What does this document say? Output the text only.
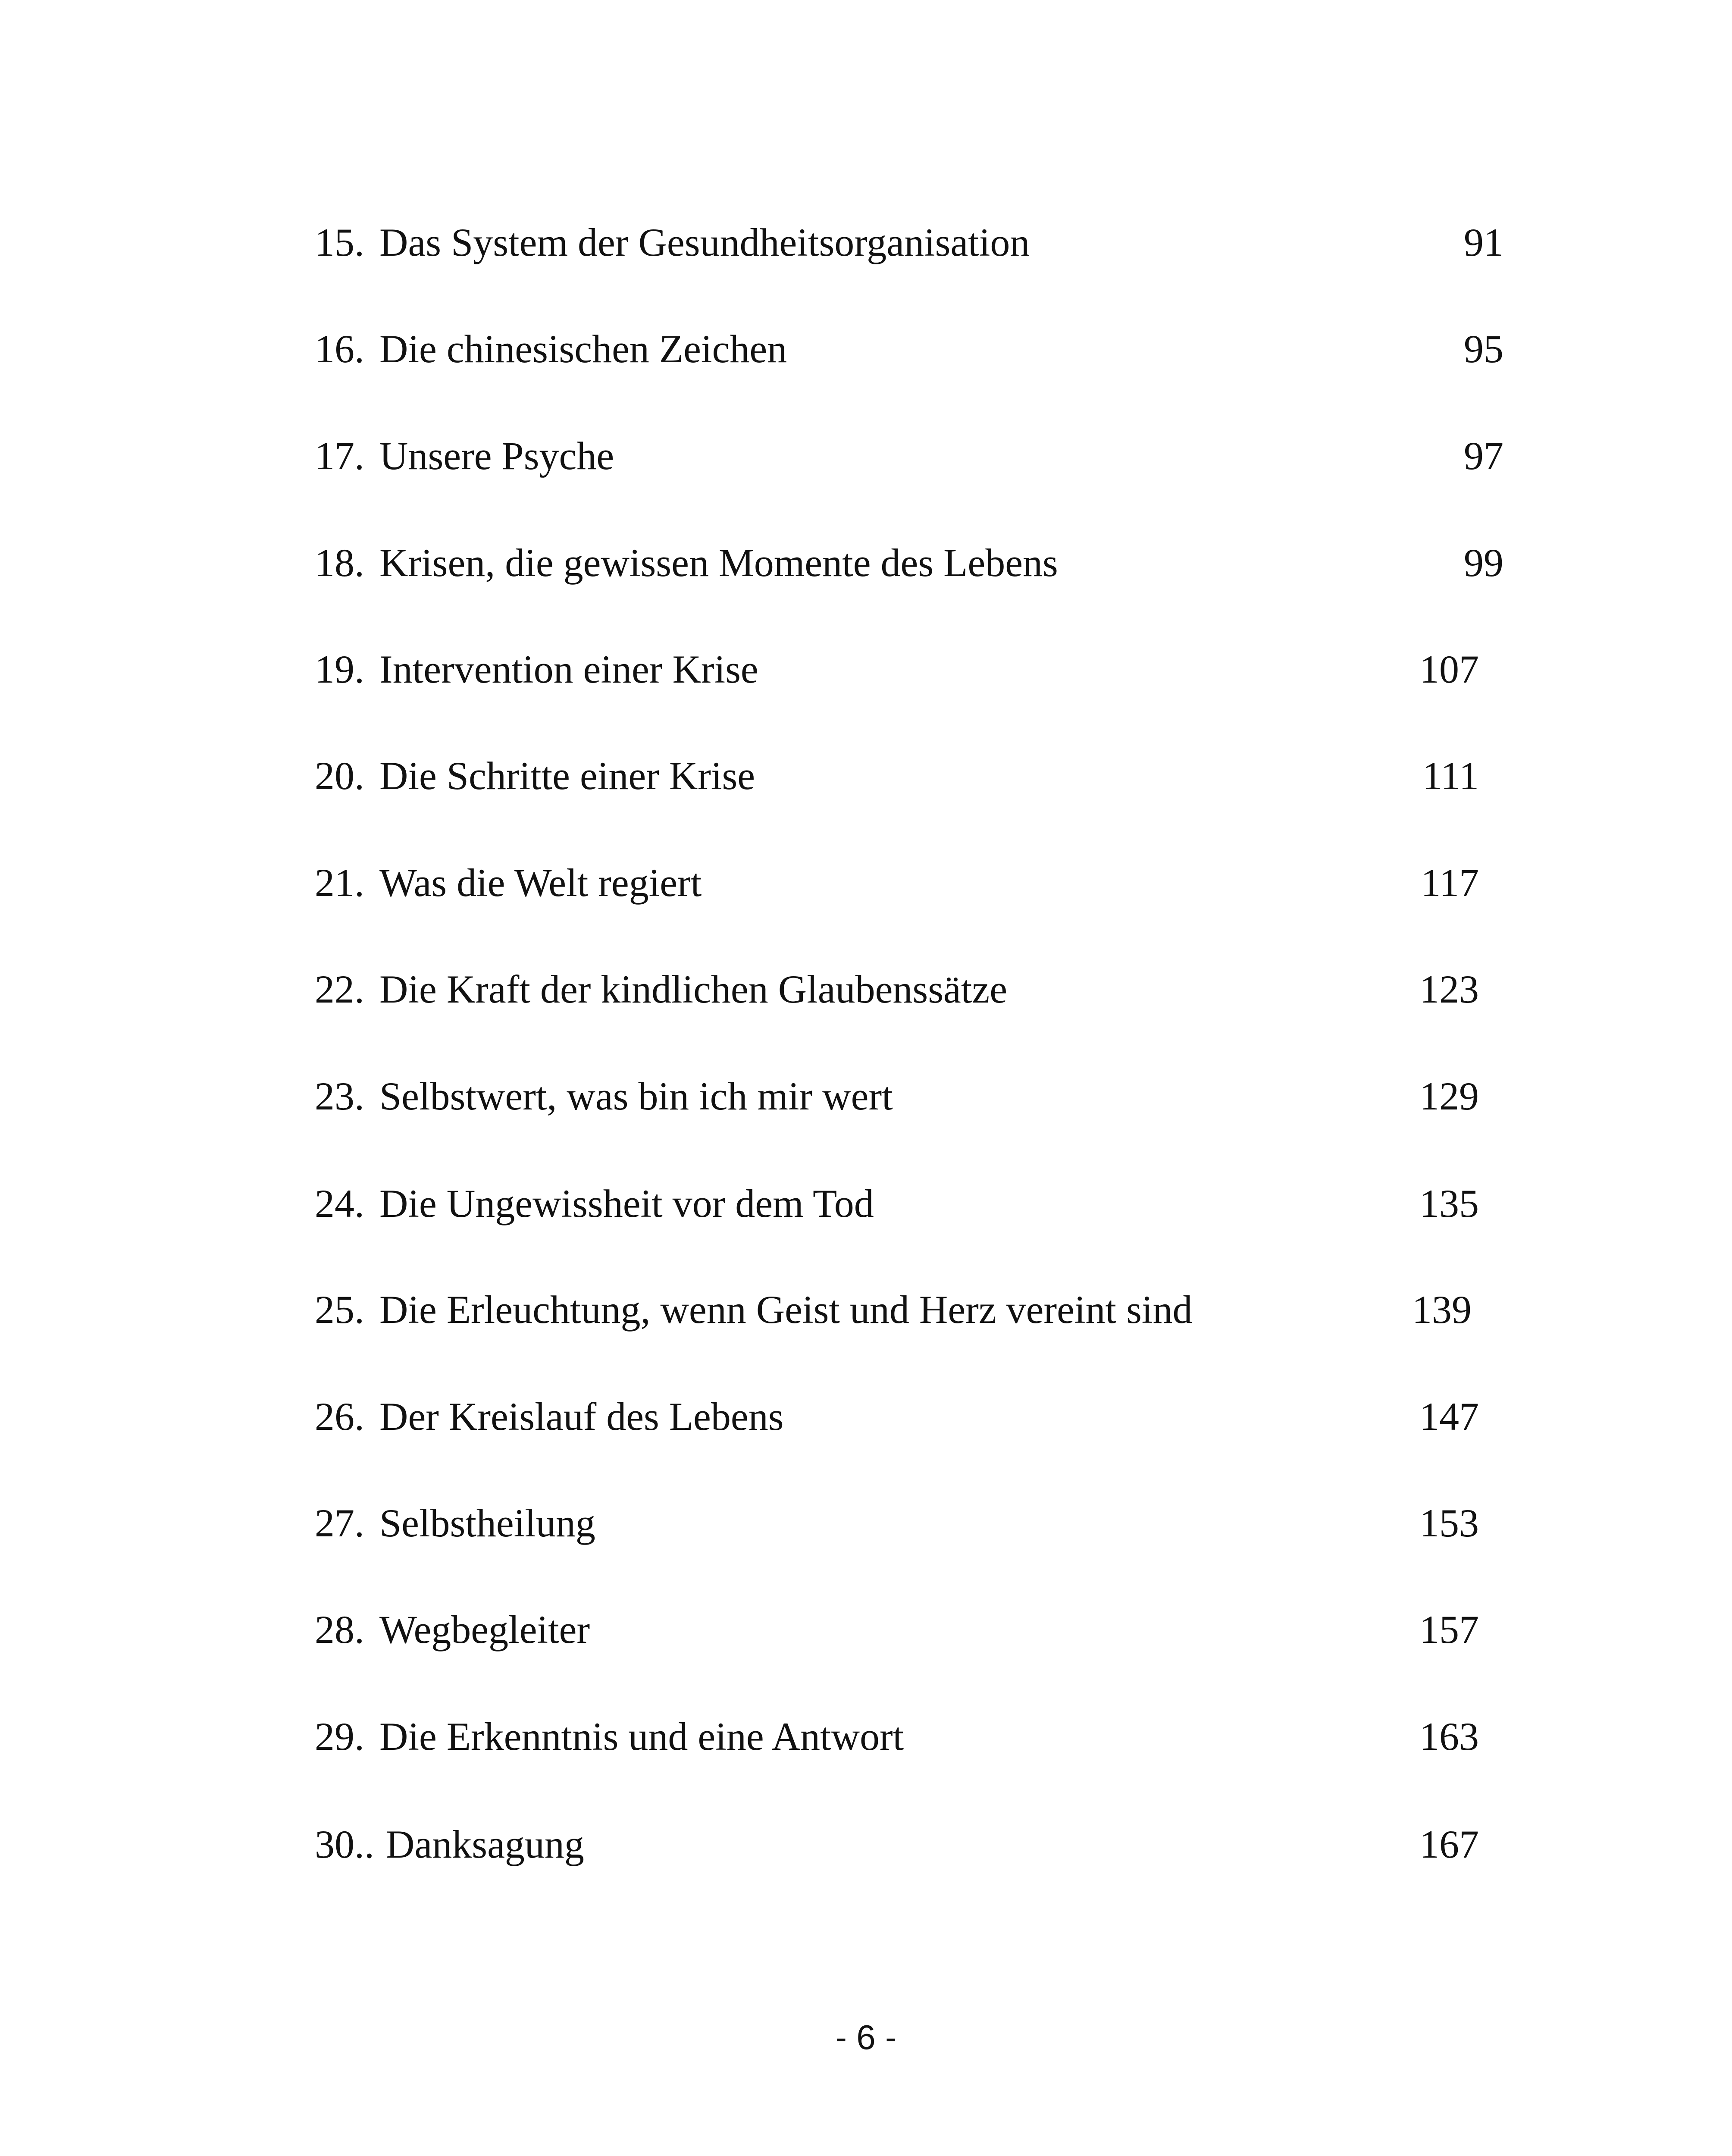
15. Das System der Gesundheitsorganisation	91
16. Die chinesischen Zeichen	95
17. Unsere Psyche	97
18. Krisen, die gewissen Momente des Lebens	99
19. Intervention einer Krise	107
20. Die Schritte einer Krise	111
21. Was die Welt regiert	117
22. Die Kraft der kindlichen Glaubenssätze	123
23. Selbstwert, was bin ich mir wert	129
24. Die Ungewissheit vor dem Tod	135
25. Die Erleuchtung, wenn Geist und Herz vereint sind	139
26. Der Kreislauf des Lebens	147
27. Selbstheilung	153
28. Wegbegleiter	157
29. Die Erkenntnis und eine Antwort	163
30.. Danksagung	167
- 6 -
